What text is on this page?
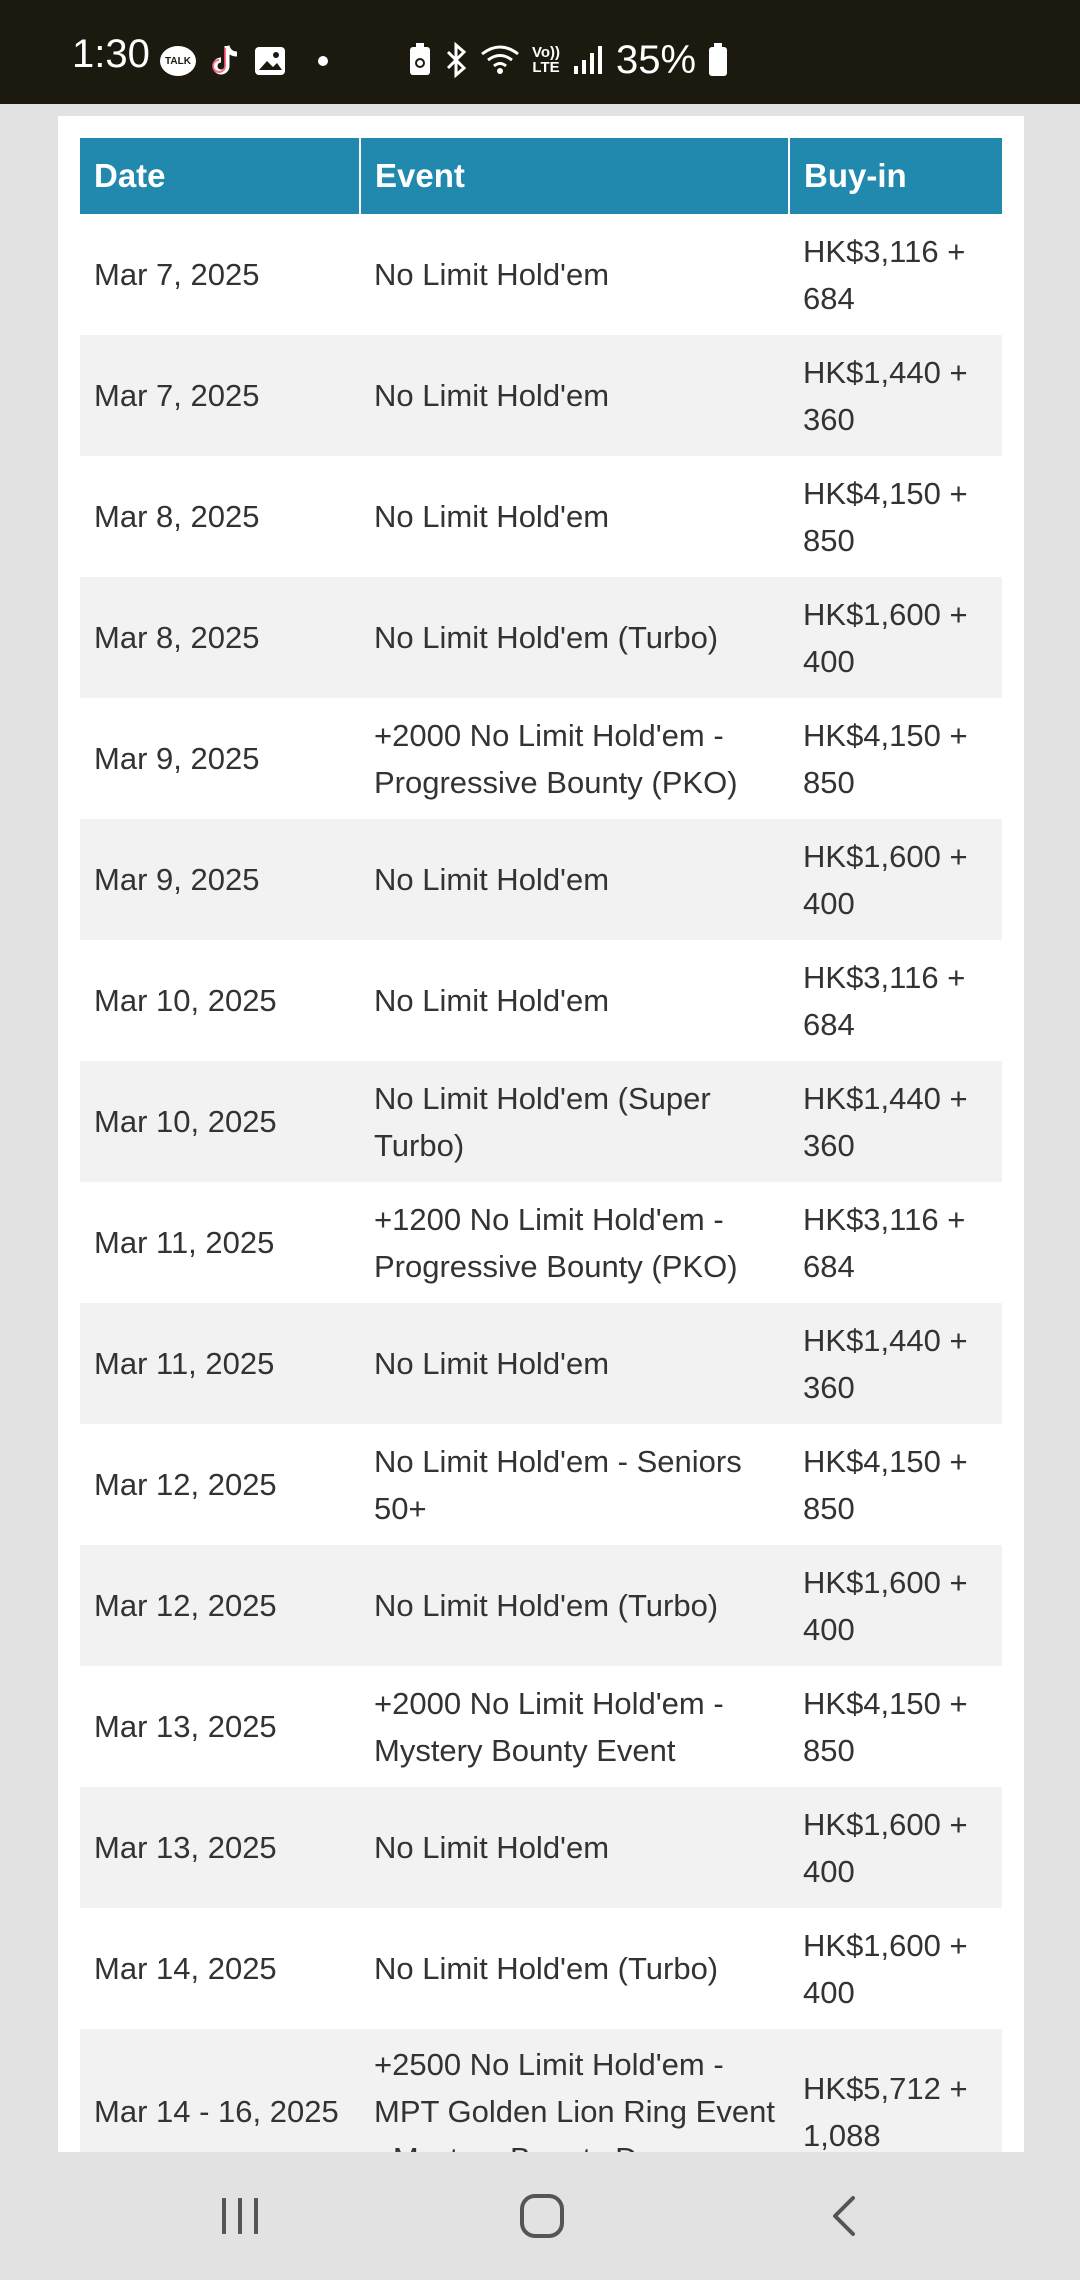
1:30	TALK	Vo))
LTE 35%
Date	Event	Buy-in
Mar 7, 2025	No Limit Hold'em	HK$3,116 + 684
Mar 7, 2025	No Limit Hold'em	HK$1,440 + 360
Mar 8, 2025	No Limit Hold'em	HK$4,150 + 850
Mar 8, 2025	No Limit Hold'em (Turbo)	HK$1,600 + 400
Mar 9, 2025	+2000 No Limit Hold'em - Progressive Bounty (PKO)	HK$4,150 + 850
Mar 9, 2025	No Limit Hold'em	HK$1,600 + 400
Mar 10, 2025	No Limit Hold'em	HK$3,116 + 684
Mar 10, 2025	No Limit Hold'em (Super Turbo)	HK$1,440 + 360
Mar 11, 2025	+1200 No Limit Hold'em - Progressive Bounty (PKO)	HK$3,116 + 684
Mar 11, 2025	No Limit Hold'em	HK$1,440 + 360
Mar 12, 2025	No Limit Hold'em - Seniors 50+	HK$4,150 + 850
Mar 12, 2025	No Limit Hold'em (Turbo)	HK$1,600 + 400
Mar 13, 2025	+2000 No Limit Hold'em - Mystery Bounty Event	HK$4,150 + 850
Mar 13, 2025	No Limit Hold'em	HK$1,600 + 400
Mar 14, 2025	No Limit Hold'em (Turbo)	HK$1,600 + 400
Mar 14 - 16, 2025	+2500 No Limit Hold'em - MPT Golden Lion Ring Event	HK$5,712 + 1,088
